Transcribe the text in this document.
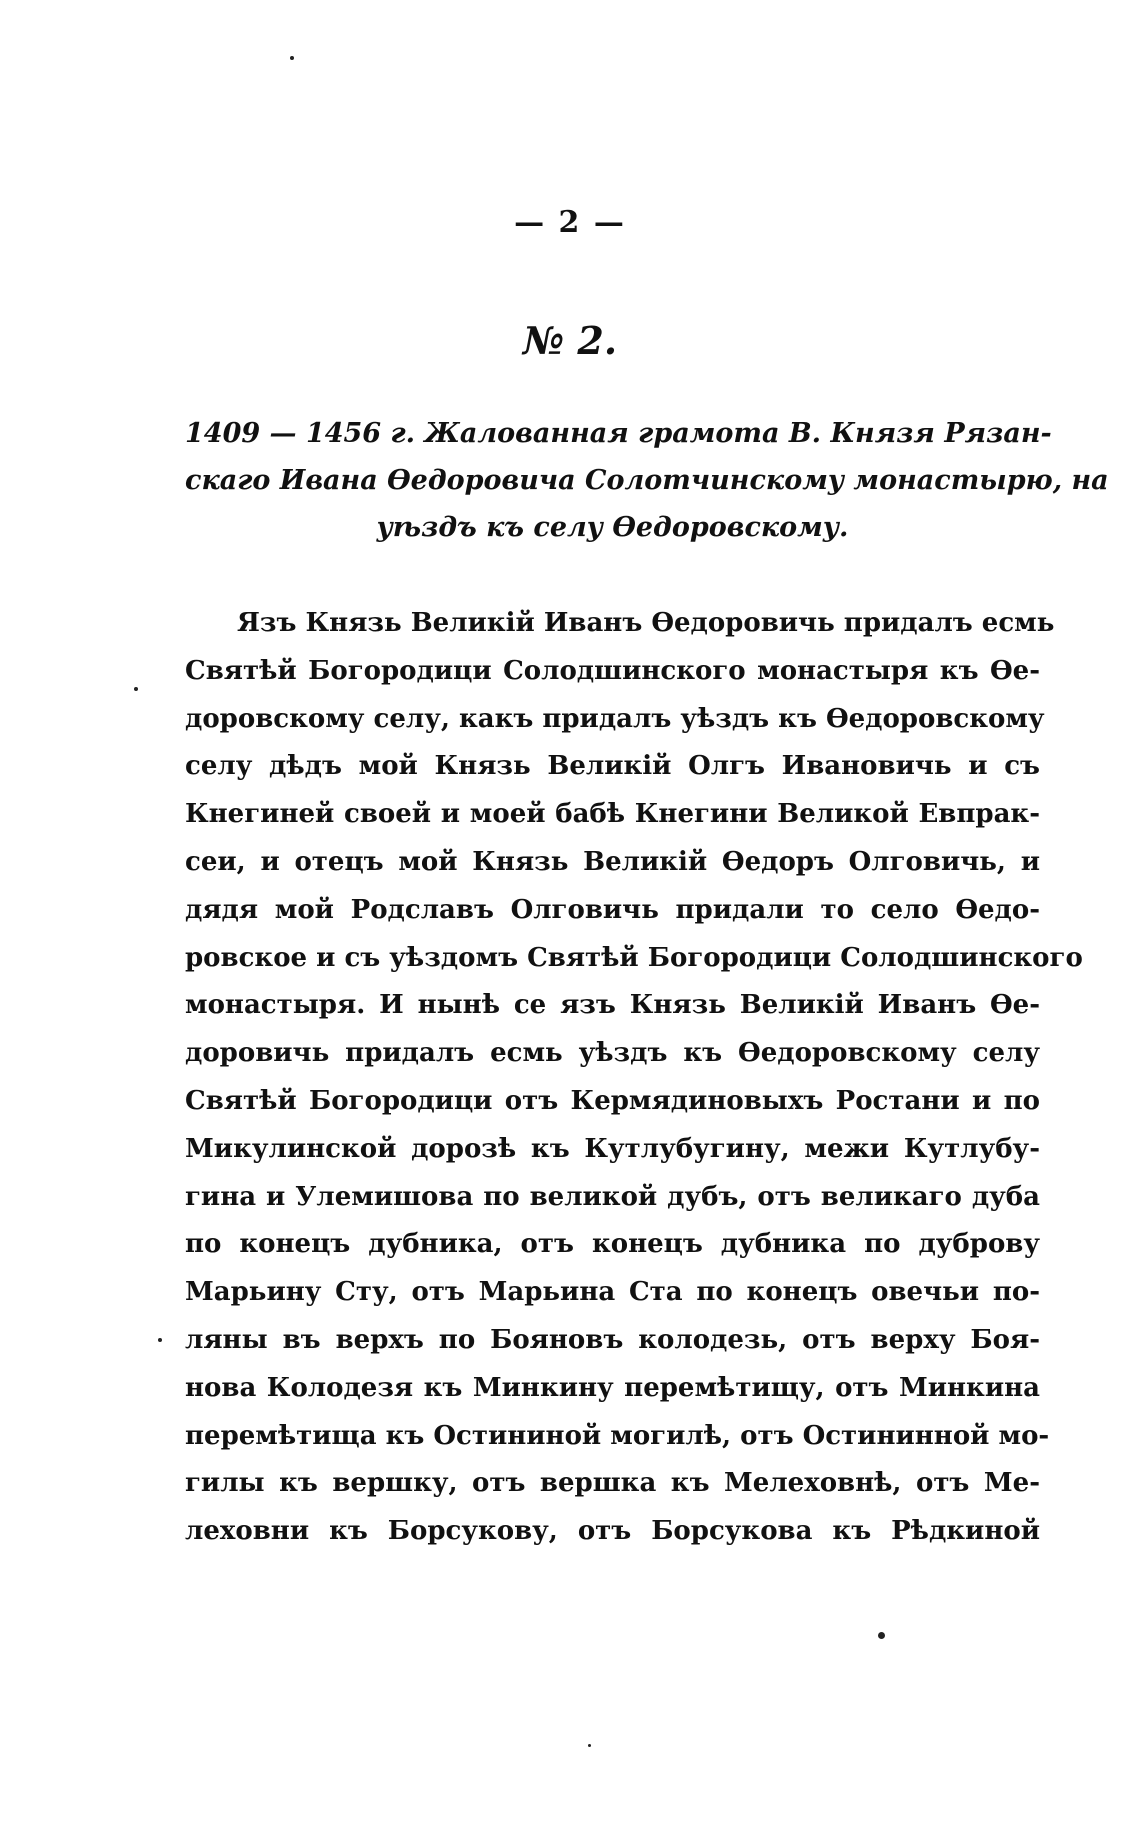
— 2 —
№ 2.
1409 — 1456 г. Жалованная грамота В. Князя Рязан-
скаго Ивана Өедоровича Солотчинскому монастырю, на
уѣздъ къ селу Өедоровскому.
Язъ Князь Великій Иванъ Өедоровичь придалъ есмь
Святѣй Богородици Солодшинского монастыря къ Өе-
доровскому селу, какъ придалъ уѣздъ къ Өедоровскому
селу дѣдъ мой Князь Великій Олгъ Ивановичь и съ
Кнегиней своей и моей бабѣ Кнегини Великой Евпрак-
сеи, и отецъ мой Князь Великій Өедоръ Олговичь, и
дядя мой Родславъ Олговичь придали то село Өедо-
ровское и съ уѣздомъ Святѣй Богородици Солодшинского
монастыря. И нынѣ се язъ Князь Великій Иванъ Өе-
доровичь придалъ есмь уѣздъ къ Өедоровскому селу
Святѣй Богородици отъ Кермядиновыхъ Ростани и по
Микулинской дорозѣ къ Кутлубугину, межи Кутлубу-
гина и Улемишова по великой дубъ, отъ великаго дуба
по конецъ дубника, отъ конецъ дубника по дуброву
Марьину Сту, отъ Марьина Ста по конецъ овечьи по-
ляны въ верхъ по Бояновъ колодезь, отъ верху Боя-
нова Колодезя къ Минкину перемѣтищу, отъ Минкина
перемѣтища къ Остининой могилѣ, отъ Остининной мо-
гилы къ вершку, отъ вершка къ Мелеховнѣ, отъ Ме-
леховни къ Борсукову, отъ Борсукова къ Рѣдкиной
